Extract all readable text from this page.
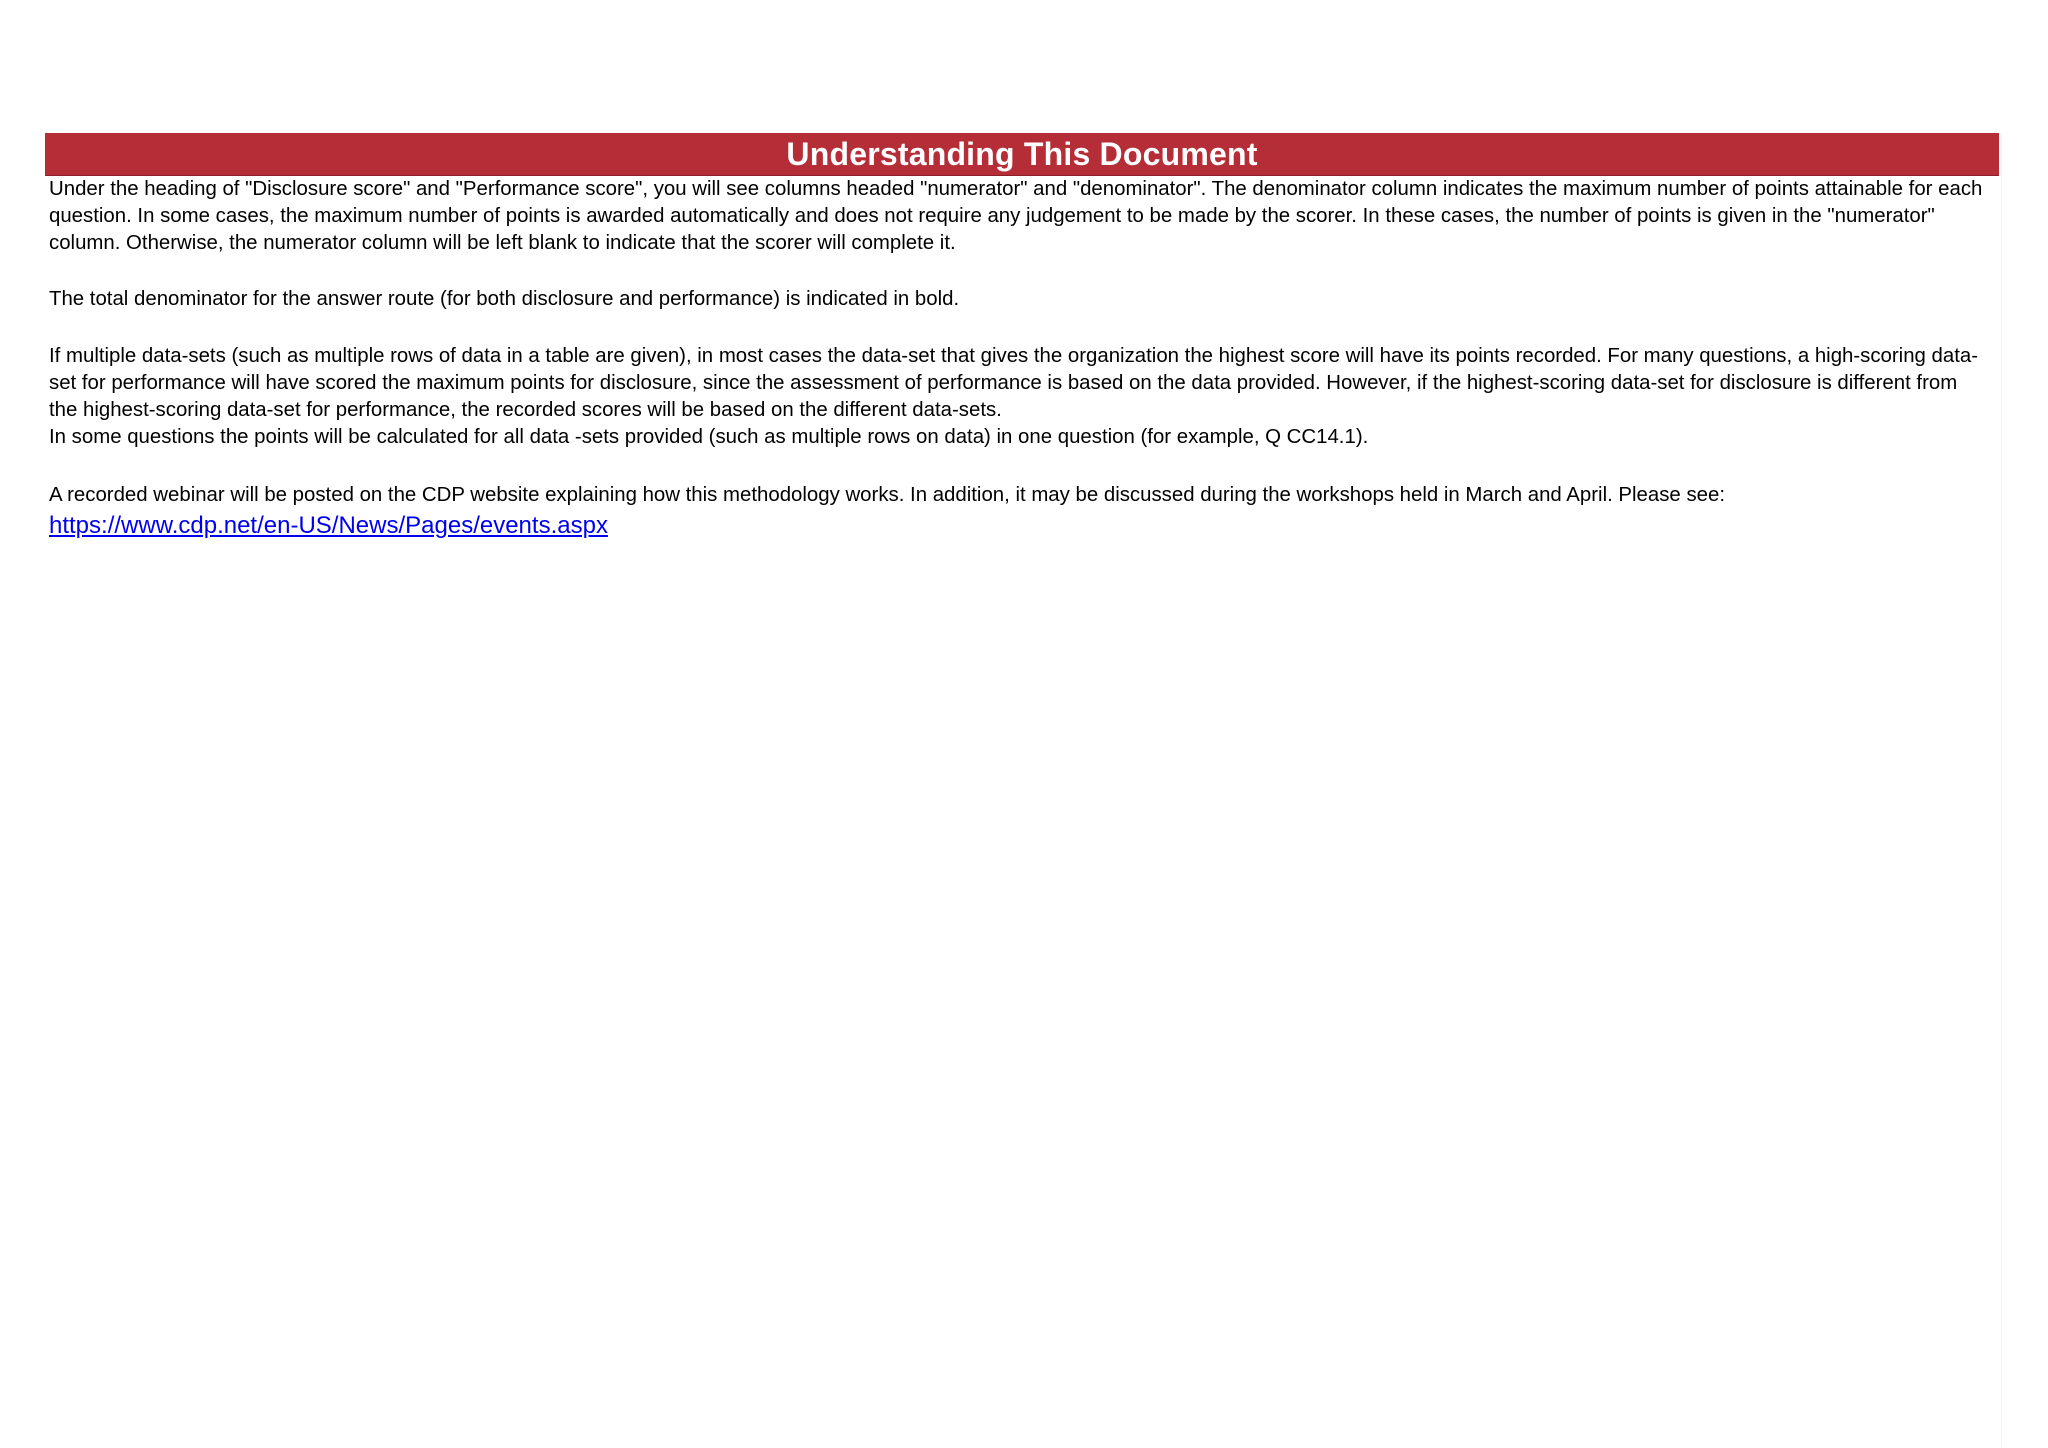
Understanding This Document

Under the heading of "Disclosure score" and "Performance score", you will see columns headed "numerator" and "denominator". The denominator column indicates the maximum number of points attainable for each question. In some cases, the maximum number of points is awarded automatically and does not require any judgement to be made by the scorer. In these cases, the number of points is given in the "numerator" column. Otherwise, the numerator column will be left blank to indicate that the scorer will complete it.

The total denominator for the answer route (for both disclosure and performance) is indicated in bold.

If multiple data-sets (such as multiple rows of data in a table are given), in most cases the data-set that gives the organization the highest score will have its points recorded. For many questions, a high-scoring data-set for performance will have scored the maximum points for disclosure, since the assessment of performance is based on the data provided. However, if the highest-scoring data-set for disclosure is different from the highest-scoring data-set for performance, the recorded scores will be based on the different data-sets.

In some questions the points will be calculated for all data -sets provided (such as multiple rows on data) in one question (for example, Q CC14.1).

A recorded webinar will be posted on the CDP website explaining how this methodology works. In addition, it may be discussed during the workshops held in March and April. Please see:

https://www.cdp.net/en-US/News/Pages/events.aspx
